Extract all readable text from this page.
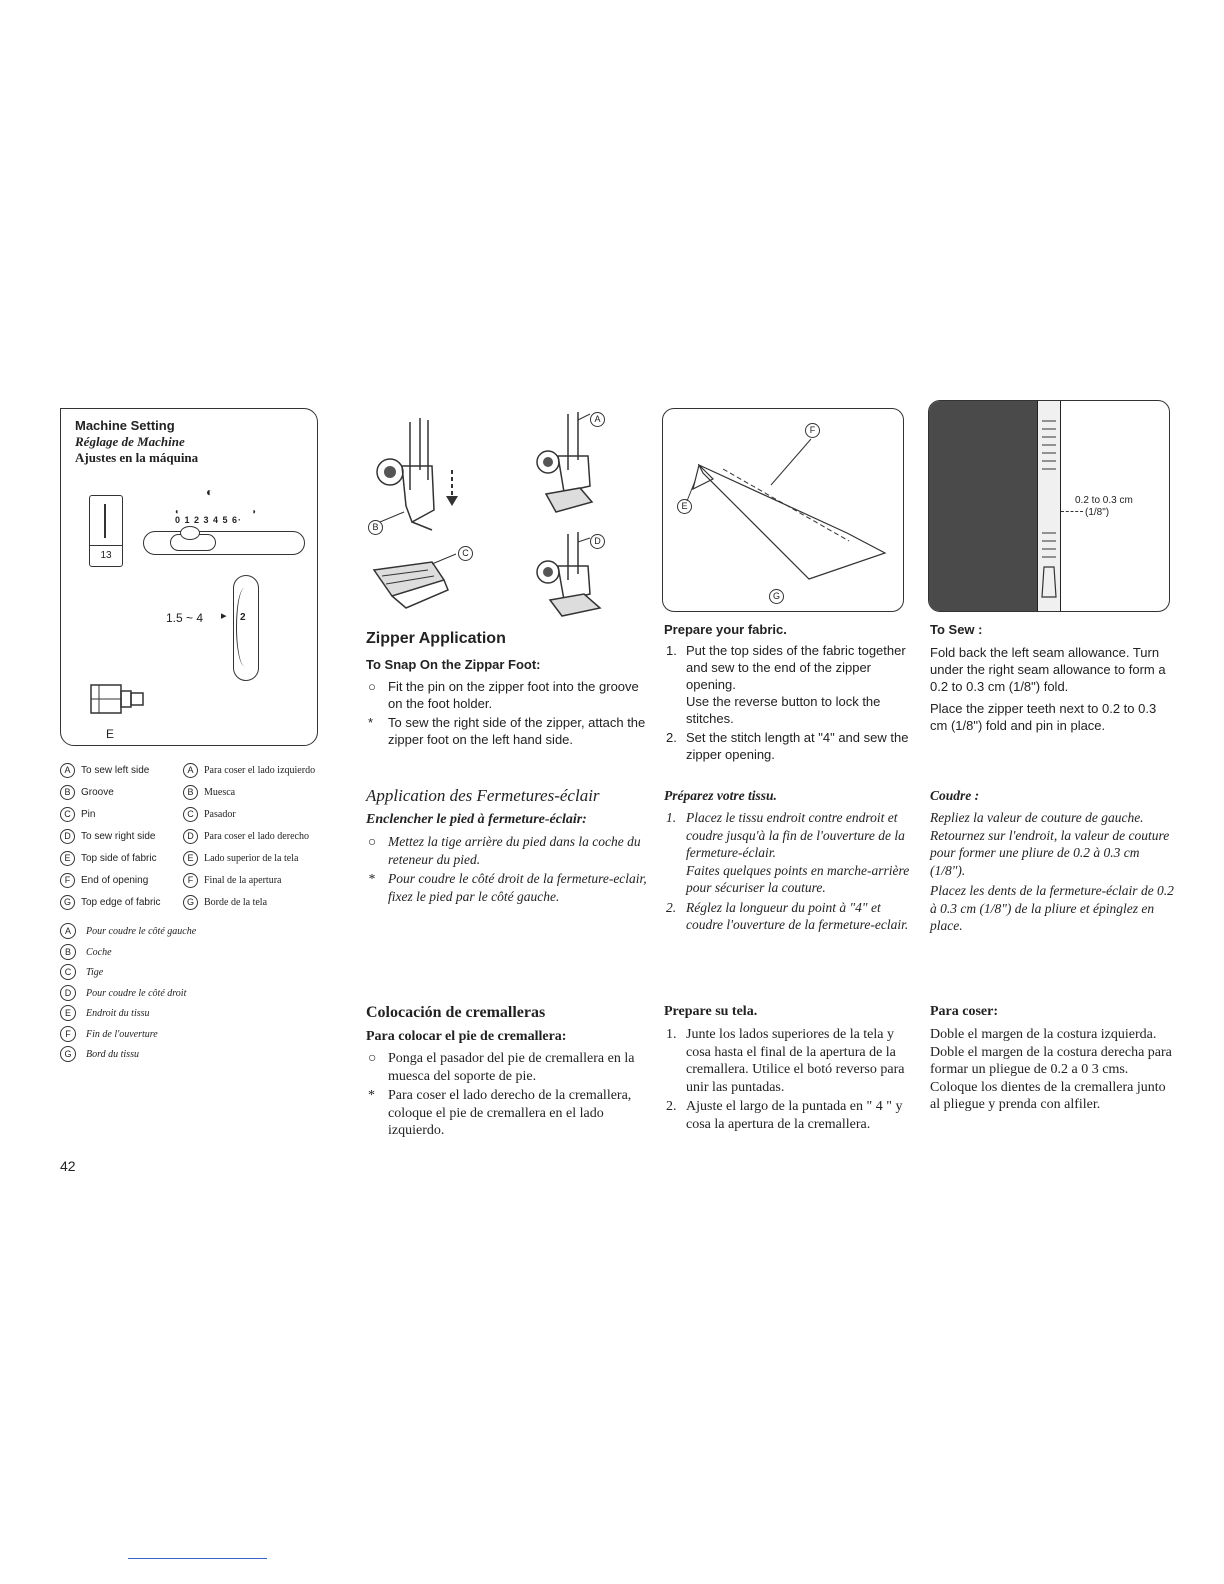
Machine Setting
Réglage de Machine
Ajustes en la máquina
13
◐
◐	◑
0 1 2 3 4 5 6·
1.5 ~ 4	2
▸
E
A To sew left side	A Para coser el lado izquierdo
B Groove	B Muesca
C Pin	C Pasador
D To sew right side	D Para coser el lado derecho
E Top side of fabric	E Lado superior de la tela
F End of opening	F Final de la apertura
G Top edge of fabric	G Borde de la tela
A Pour coudre le côté gauche
B Coche
C Tige
D Pour coudre le côté droit
E Endroit du tissu
F Fin de l'ouverture
G Bord du tissu
B
C
A
D
F
E
G
0.2 to 0.3 cm
(1/8")
Zipper Application
To Snap On the Zippar Foot:
○ Fit the pin on the zipper foot into the groove on the foot holder.
* To sew the right side of the zipper, attach the zipper foot on the left hand side.
Application des Fermetures-éclair
Enclencher le pied à fermeture-éclair:
○ Mettez la tige arrière du pied dans la coche du reteneur du pied.
* Pour coudre le côté droit de la fermeture-eclair, fixez le pied par le côté gauche.
Colocación de cremalleras
Para colocar el pie de cremallera:
○ Ponga el pasador del pie de cremallera en la muesca del soporte de pie.
* Para coser el lado derecho de la cremallera, coloque el pie de cremallera en el lado izquierdo.
Prepare your fabric.
1. Put the top sides of the fabric together and sew to the end of the zipper opening.
Use the reverse button to lock the stitches.
2. Set the stitch length at "4" and sew the zipper opening.
Préparez votre tissu.
1. Placez le tissu endroit contre endroit et coudre jusqu'à la fin de l'ouverture de la fermeture-éclair.
Faites quelques points en marche-arrière pour sécuriser la couture.
2. Réglez la longueur du point à "4" et coudre l'ouverture de la fermeture-eclair.
Prepare su tela.
1. Junte los lados superiores de la tela y cosa hasta el final de la apertura de la cremallera. Utilice el botó reverso para unir las puntadas.
2. Ajuste el largo de la puntada en " 4 " y cosa la apertura de la cremallera.
To Sew :
Fold back the left seam allowance. Turn under the right seam allowance to form a 0.2 to 0.3 cm (1/8") fold.
Place the zipper teeth next to 0.2 to 0.3 cm (1/8") fold and pin in place.
Coudre :
Repliez la valeur de couture de gauche.
Retournez sur l'endroit, la valeur de couture pour former une pliure de 0.2 à 0.3 cm (1/8").
Placez les dents de la fermeture-éclair de 0.2 à 0.3 cm (1/8") de la pliure et épinglez en place.
Para coser:
Doble el margen de la costura izquierda.
Doble el margen de la costura derecha para formar un pliegue de 0.2 a 0 3 cms.
Coloque los dientes de la cremallera junto al pliegue y prenda con alfiler.
42
